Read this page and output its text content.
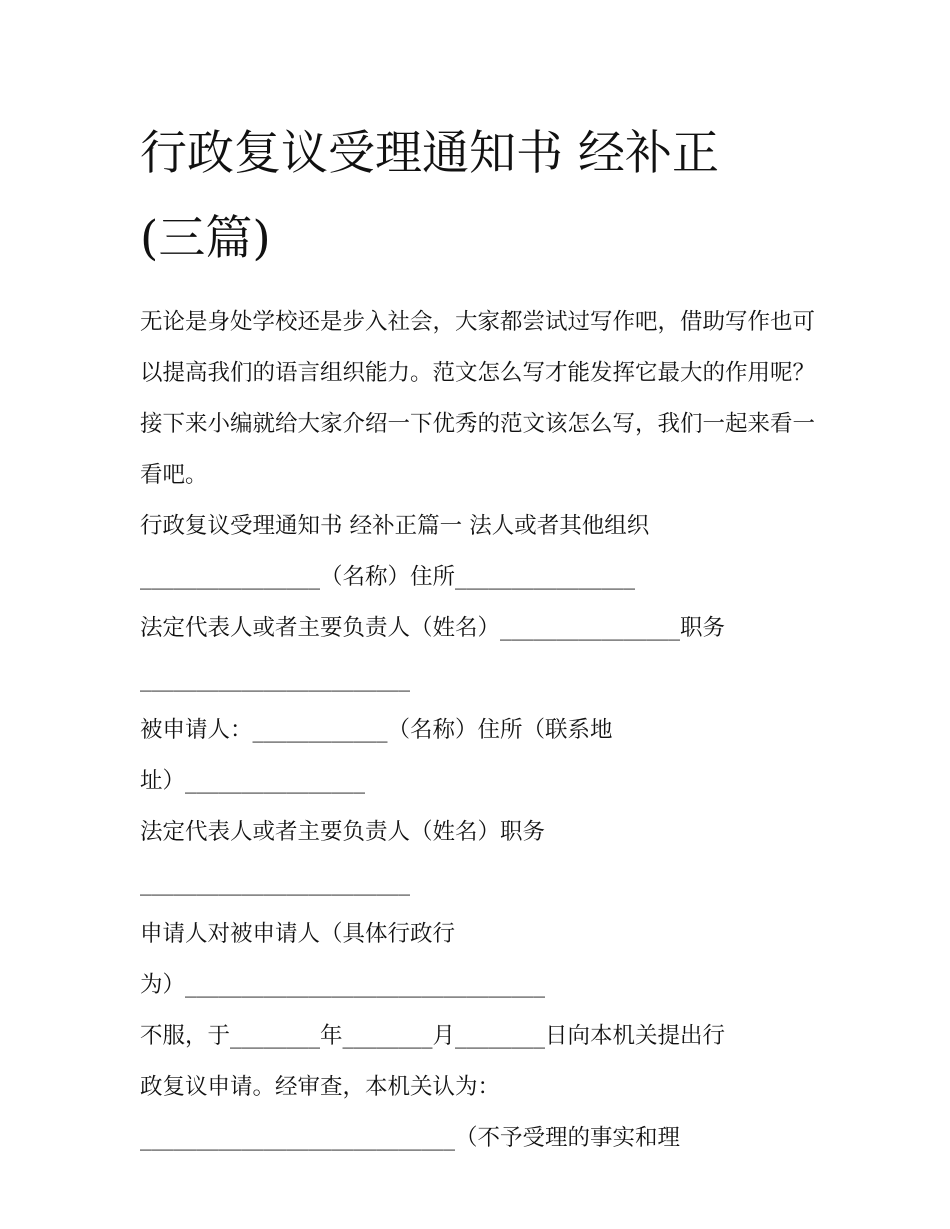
行政复议受理通知书 经补正(三篇)

无论是身处学校还是步入社会，大家都尝试过写作吧，借助写作也可以提高我们的语言组织能力。范文怎么写才能发挥它最大的作用呢？接下来小编就给大家介绍一下优秀的范文该怎么写，我们一起来看一看吧。

行政复议受理通知书 经补正篇一 法人或者其他组织

________________（名称）住所________________

法定代表人或者主要负责人（姓名）________________职务

________________________

被申请人：____________（名称）住所（联系地

址）________________

法定代表人或者主要负责人（姓名）职务

________________________

申请人对被申请人（具体行政行

为）________________________________

不服，于________年________月________日向本机关提出行

政复议申请。经审查，本机关认为：

____________________________（不予受理的事实和理
